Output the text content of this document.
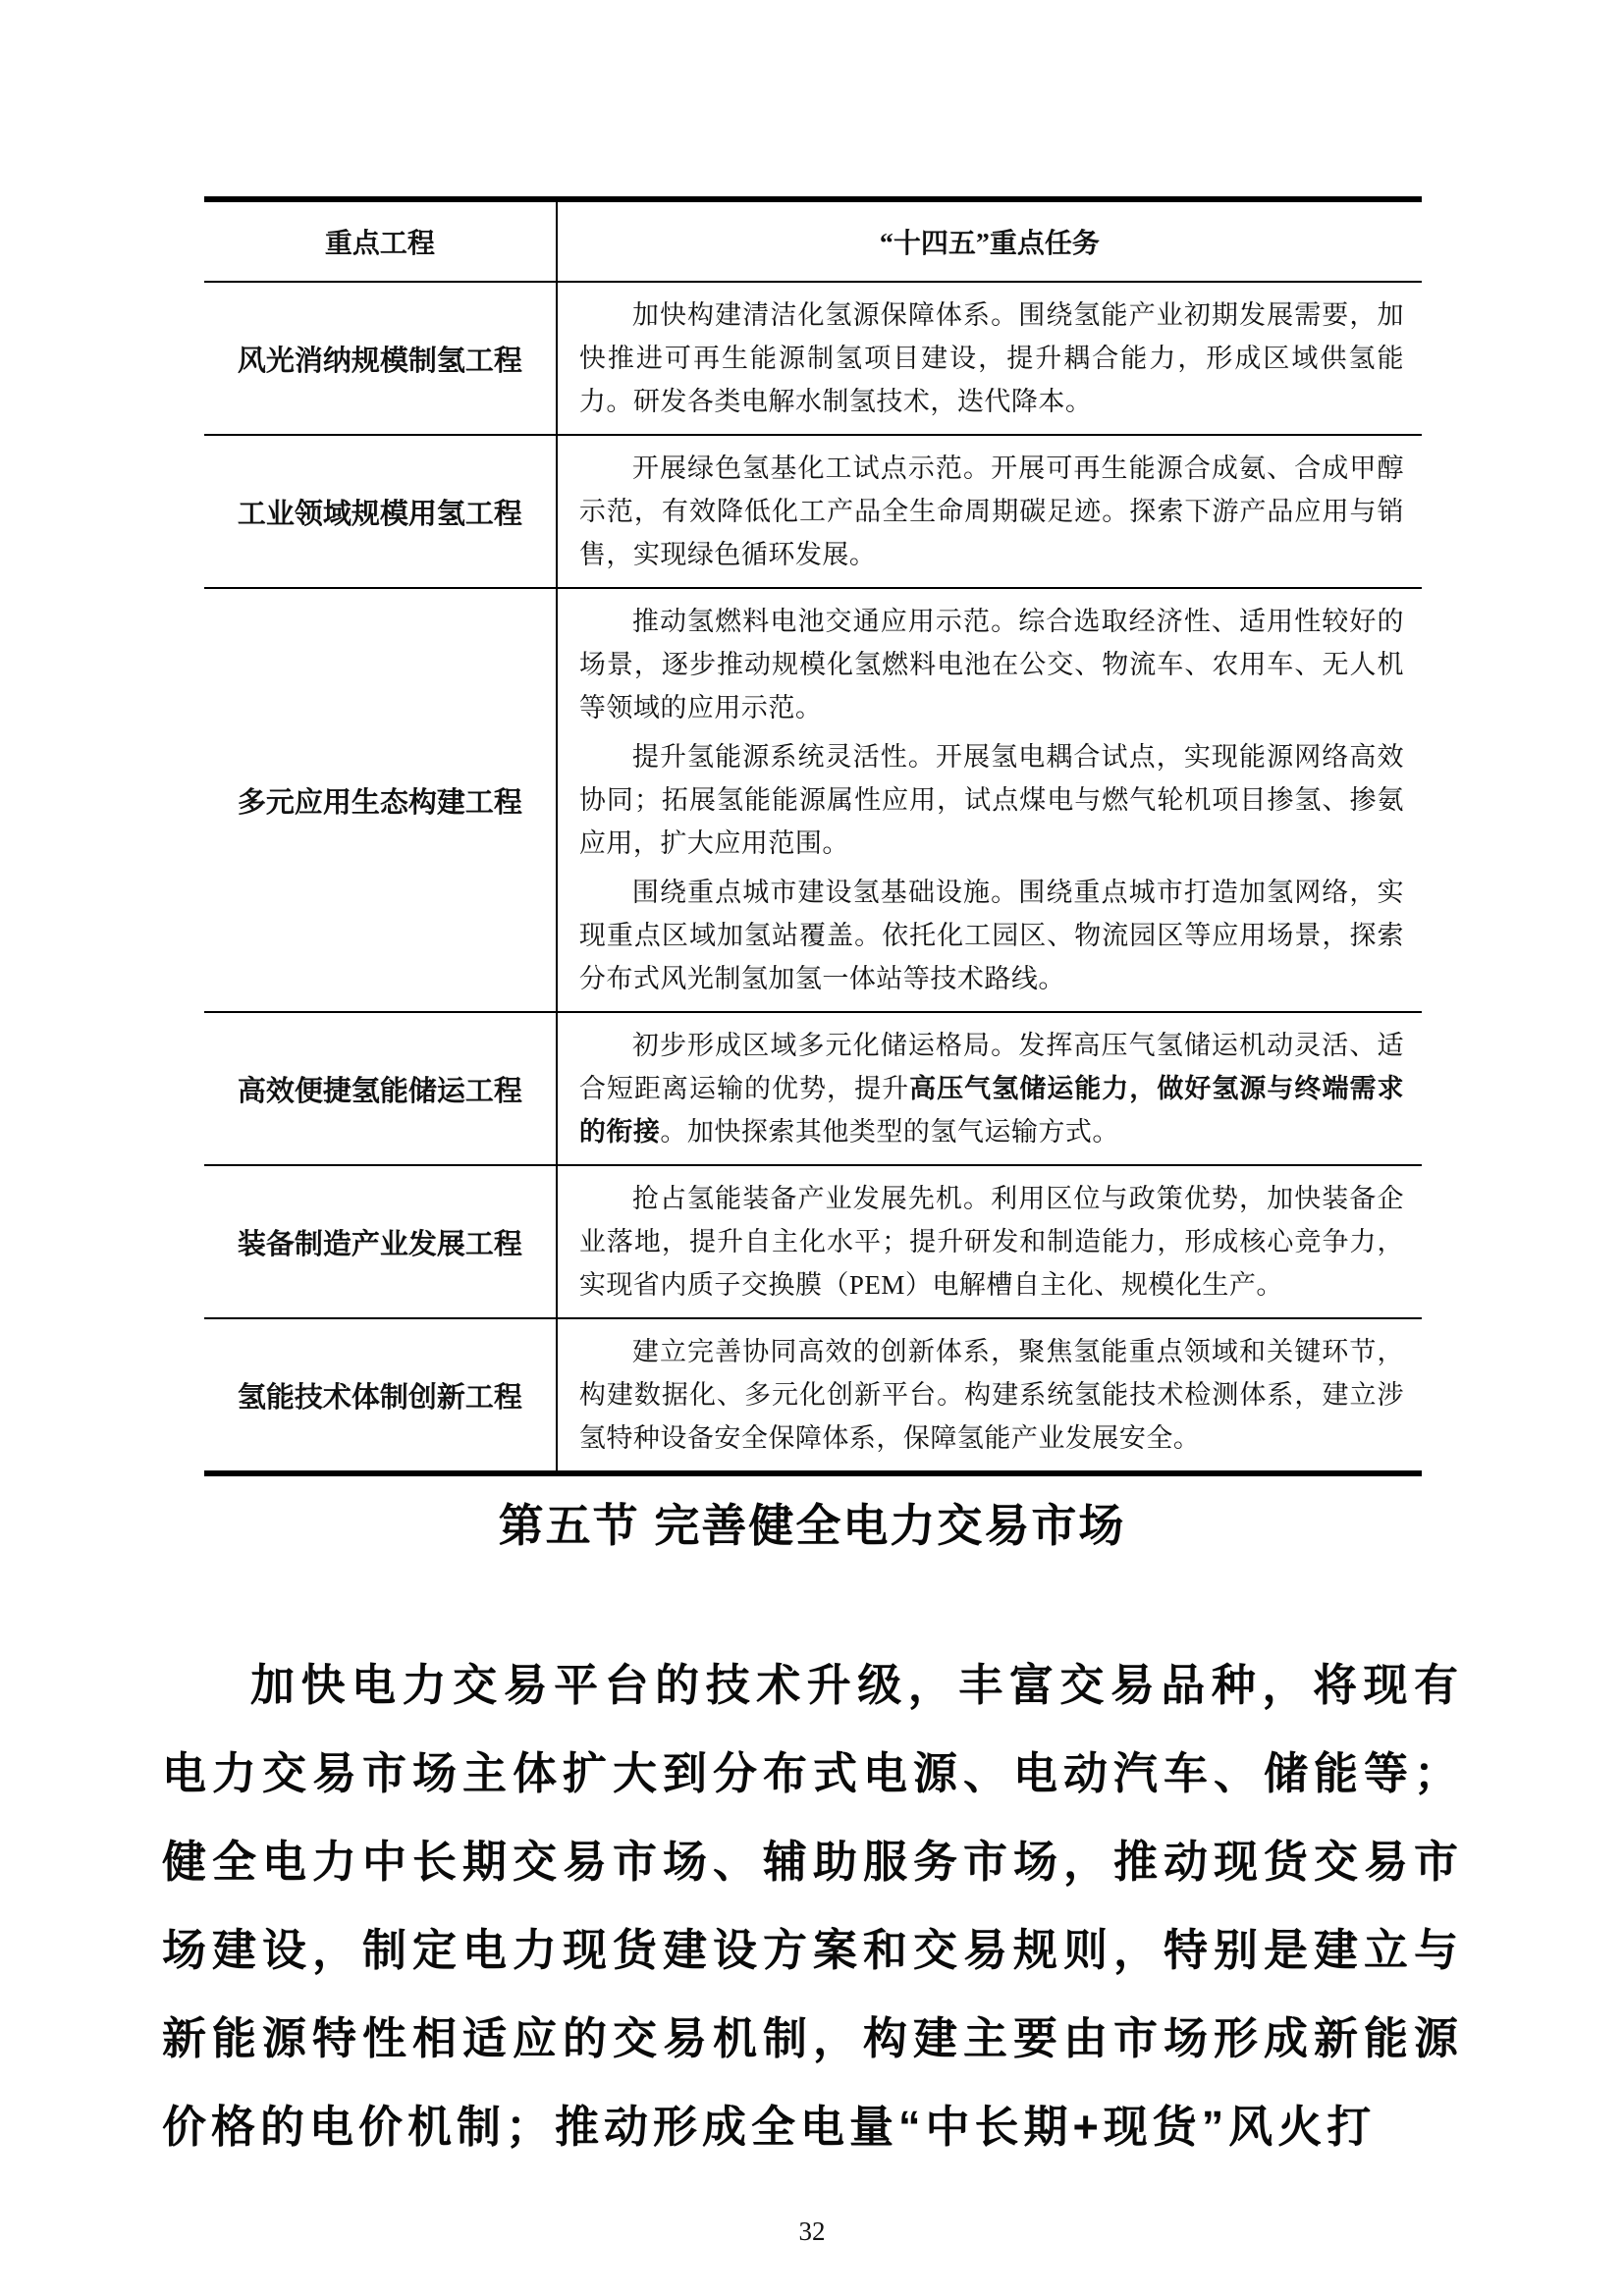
重点工程	“十四五”重点任务
风光消纳规模制氢工程	加快构建清洁化氢源保障体系。围绕氢能产业初期发展需要，加快推进可再生能源制氢项目建设，提升耦合能力，形成区域供氢能力。研发各类电解水制氢技术，迭代降本。

工业领域规模用氢工程	开展绿色氢基化工试点示范。开展可再生能源合成氨、合成甲醇示范，有效降低化工产品全生命周期碳足迹。探索下游产品应用与销售，实现绿色循环发展。

多元应用生态构建工程	推动氢燃料电池交通应用示范。综合选取经济性、适用性较好的场景，逐步推动规模化氢燃料电池在公交、物流车、农用车、无人机等领域的应用示范。

提升氢能源系统灵活性。开展氢电耦合试点，实现能源网络高效协同；拓展氢能能源属性应用，试点煤电与燃气轮机项目掺氢、掺氨应用，扩大应用范围。

围绕重点城市建设氢基础设施。围绕重点城市打造加氢网络，实现重点区域加氢站覆盖。依托化工园区、物流园区等应用场景，探索分布式风光制氢加氢一体站等技术路线。

高效便捷氢能储运工程	初步形成区域多元化储运格局。发挥高压气氢储运机动灵活、适合短距离运输的优势，提升高压气氢储运能力，做好氢源与终端需求的衔接。加快探索其他类型的氢气运输方式。

装备制造产业发展工程	抢占氢能装备产业发展先机。利用区位与政策优势，加快装备企业落地，提升自主化水平；提升研发和制造能力，形成核心竞争力，实现省内质子交换膜（PEM）电解槽自主化、规模化生产。

氢能技术体制创新工程	建立完善协同高效的创新体系，聚焦氢能重点领域和关键环节，构建数据化、多元化创新平台。构建系统氢能技术检测体系，建立涉氢特种设备安全保障体系，保障氢能产业发展安全。

第五节 完善健全电力交易市场

加快电力交易平台的技术升级，丰富交易品种，将现有电力交易市场主体扩大到分布式电源、电动汽车、储能等；健全电力中长期交易市场、辅助服务市场，推动现货交易市场建设，制定电力现货建设方案和交易规则，特别是建立与新能源特性相适应的交易机制，构建主要由市场形成新能源价格的电价机制；推动形成全电量“中长期+现货”风火打

32
